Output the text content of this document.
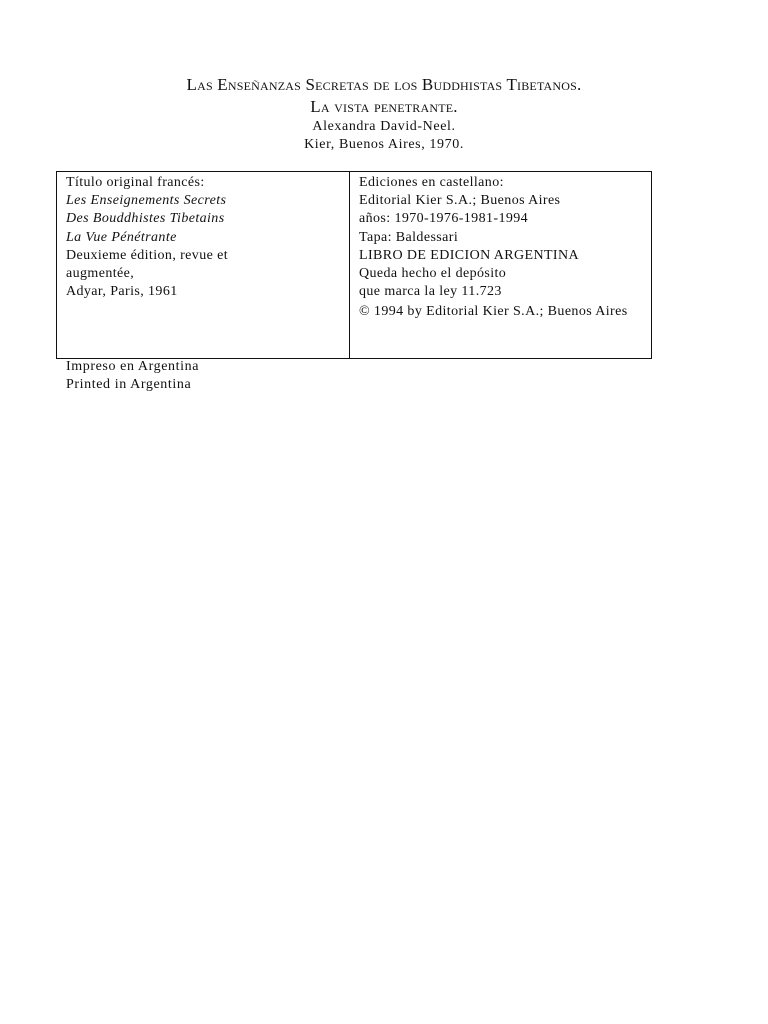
Las Enseñanzas Secretas de los Buddhistas Tibetanos.
La vista penetrante.
Alexandra David-Neel.
Kier, Buenos Aires, 1970.
Título original francés:
Les Enseignements Secrets
Des Bouddhistes Tibetains
La Vue Pénétrante
Deuxieme édition, revue et
augmentée,
Adyar, Paris, 1961
Ediciones en castellano:
Editorial Kier S.A.; Buenos Aires
años: 1970-1976-1981-1994
Tapa: Baldessari
LIBRO DE EDICION ARGENTINA
Queda hecho el depósito
que marca la ley 11.723
© 1994 by Editorial Kier S.A.; Buenos Aires
Impreso en Argentina
Printed in Argentina
